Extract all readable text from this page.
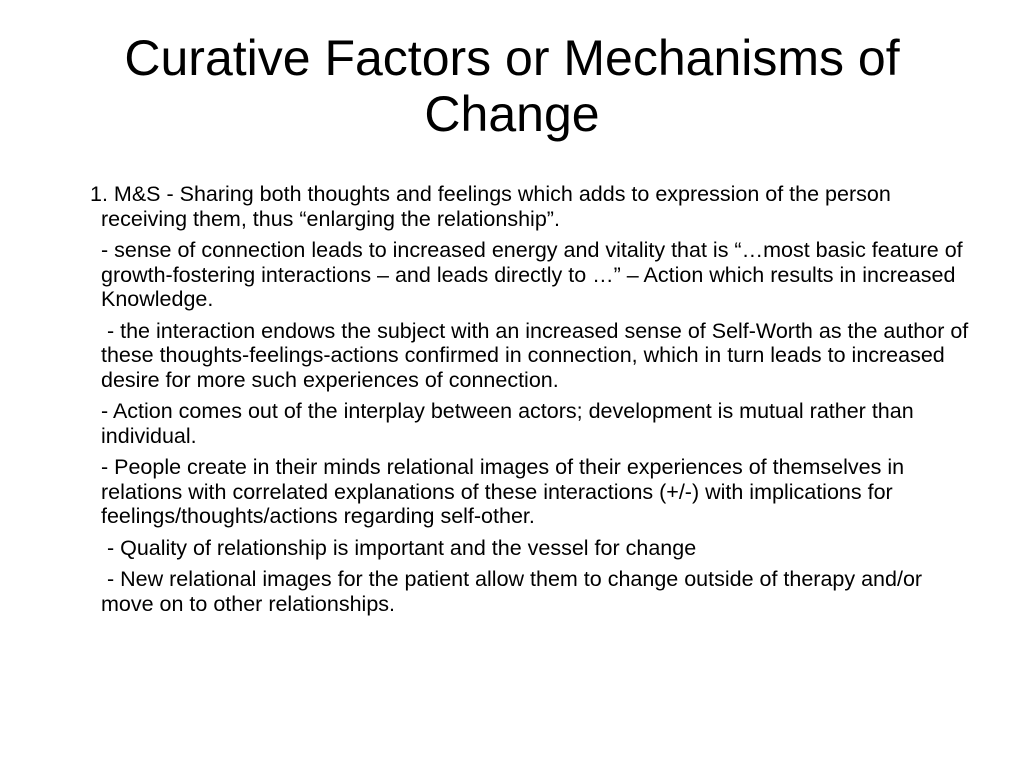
Curative Factors or Mechanisms of Change

1. M&S - Sharing both thoughts and feelings which adds to expression of the person receiving them, thus “enlarging the relationship”.

- sense of connection leads to increased energy and vitality that is “…most basic feature of growth-fostering interactions – and leads directly to …” – Action which results in increased Knowledge.

- the interaction endows the subject with an increased sense of Self-Worth as the author of these thoughts-feelings-actions confirmed in connection, which in turn leads to increased desire for more such experiences of connection.

- Action comes out of the interplay between actors; development is mutual rather than individual.

- People create in their minds relational images of their experiences of themselves in relations with correlated explanations of these interactions (+/-) with implications for feelings/thoughts/actions regarding self-other.

- Quality of relationship is important and the vessel for change

- New relational images for the patient allow them to change outside of therapy and/or move on to other relationships.
